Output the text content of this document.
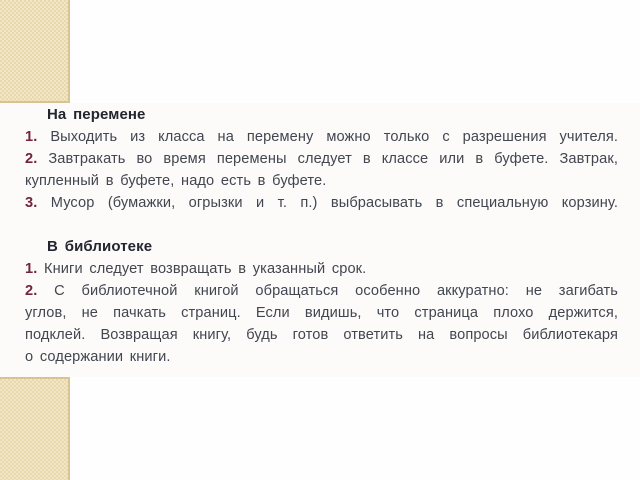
На перемене
1. Выходить из класса на перемену можно только с разрешения учителя.
2. Завтракать во время перемены следует в классе или в буфете. Завтрак,
купленный в буфете, надо есть в буфете.
3. Мусор (бумажки, огрызки и т. п.) выбрасывать в специальную корзину.
В библиотеке
1. Книги следует возвращать в указанный срок.
2. С библиотечной книгой обращаться особенно аккуратно: не загибать
углов, не пачкать страниц. Если видишь, что страница плохо держится,
подклей. Возвращая книгу, будь готов ответить на вопросы библиотекаря
о содержании книги.
